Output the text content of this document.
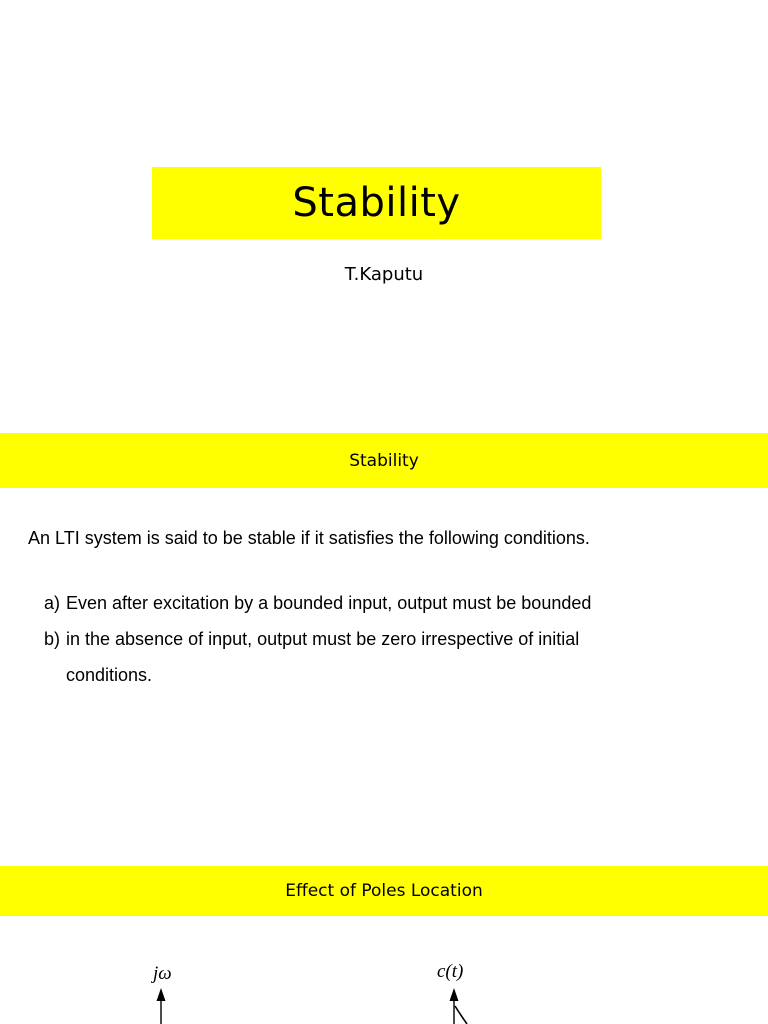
Stability
T.Kaputu
Stability
An LTI system is said to be stable if it satisfies the following conditions.
a) Even after excitation by a bounded input, output must be bounded
b) in the absence of input, output must be zero irrespective of initial
conditions.
Effect of Poles Location
jω	c(t)
